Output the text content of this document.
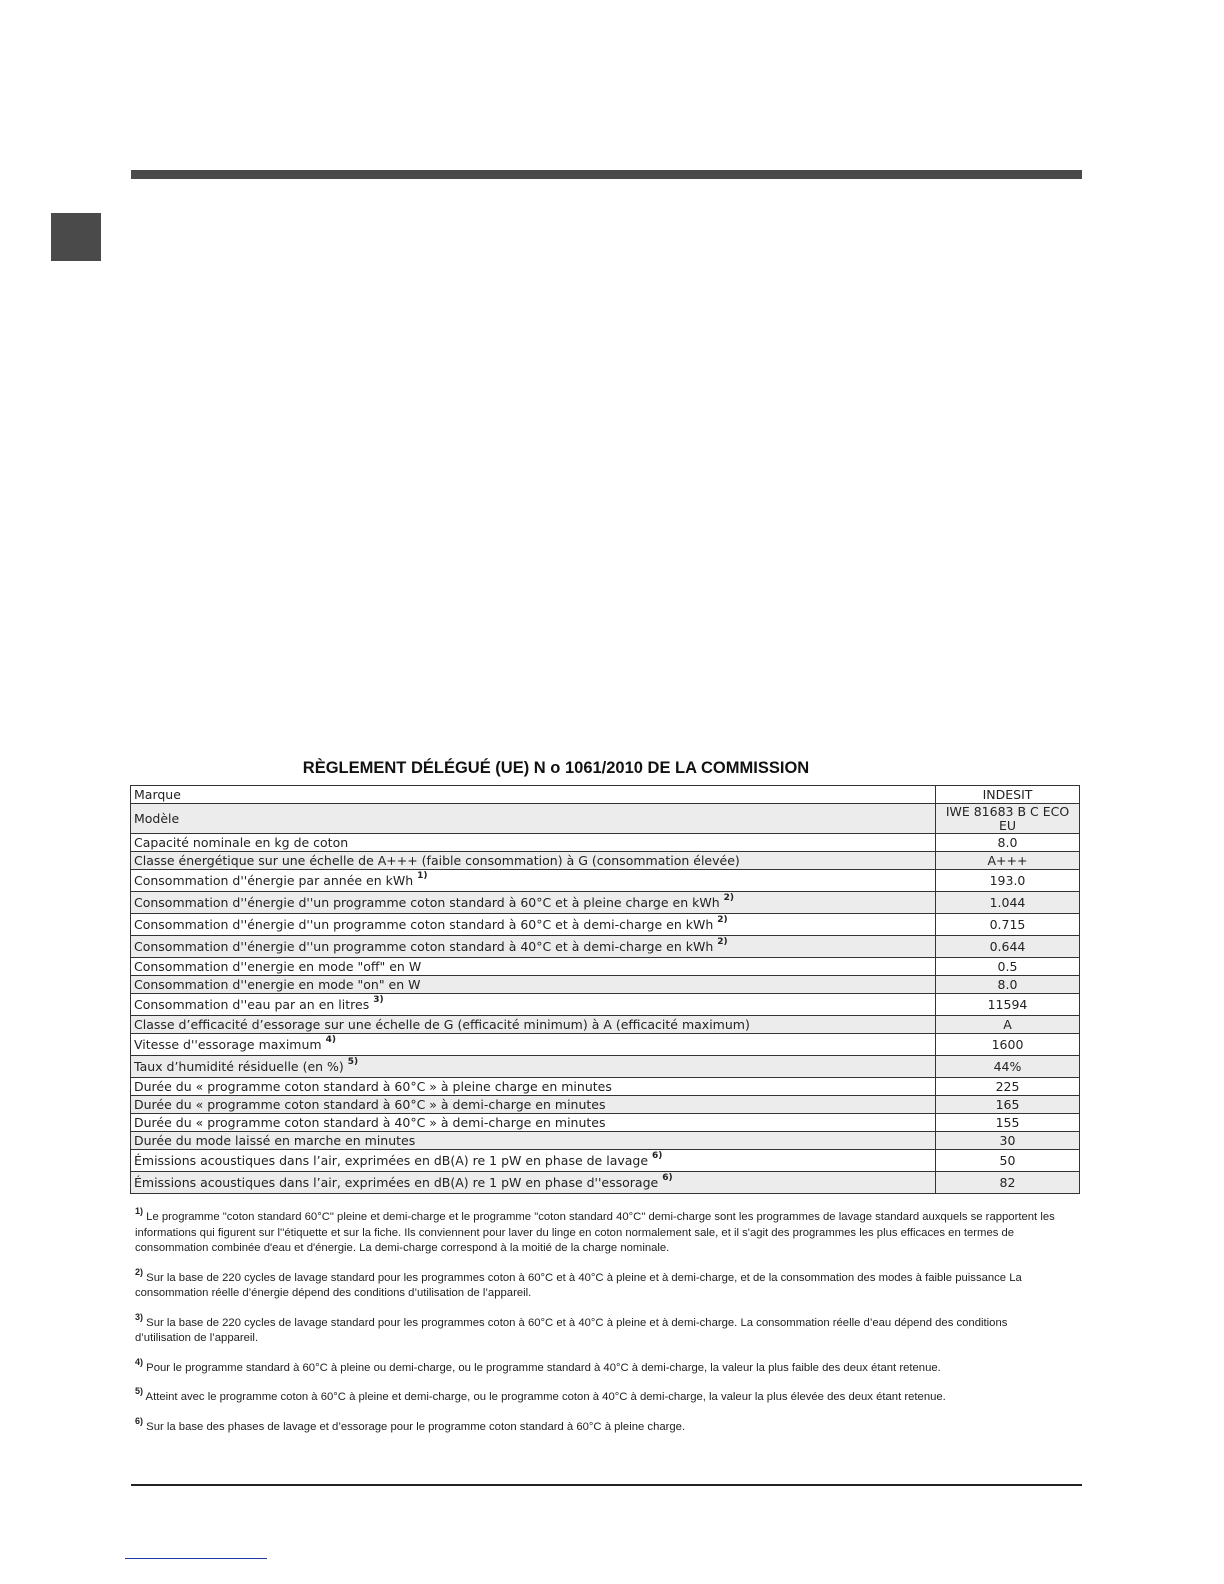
RÈGLEMENT DÉLÉGUÉ (UE) N o 1061/2010 DE LA COMMISSION
Marque	INDESIT
Modèle	IWE 81683 B C ECO EU
Capacité nominale en kg de coton	8.0
Classe énergétique sur une échelle de A+++ (faible consommation) à G (consommation élevée)	A+++
Consommation d''énergie par année en kWh $^{1)}$	193.0
Consommation d''énergie d''un programme coton standard à 60°C et à pleine charge en kWh $^{2)}$	1.044
Consommation d''énergie d''un programme coton standard à 60°C et à demi-charge en kWh $^{2)}$	0.715
Consommation d''énergie d''un programme coton standard à 40°C et à demi-charge en kWh $^{2)}$	0.644
Consommation d''energie en mode "off" en W	0.5
Consommation d''energie en mode "on" en W	8.0
Consommation d''eau par an en litres $^{3)}$	11594
Classe d’efficacité d’essorage sur une échelle de G (efficacité minimum) à A (efficacité maximum)	A
Vitesse d''essorage maximum $^{4)}$	1600
Taux d’humidité résiduelle (en %) $^{5)}$	44%
Durée du « programme coton standard à 60°C » à pleine charge en minutes	225
Durée du « programme coton standard à 60°C » à demi-charge en minutes	165
Durée du « programme coton standard à 40°C » à demi-charge en minutes	155
Durée du mode laissé en marche en minutes	30
Émissions acoustiques dans l’air, exprimées en dB(A) re 1 pW en phase de lavage $^{6)}$	50
Émissions acoustiques dans l’air, exprimées en dB(A) re 1 pW en phase d''essorage $^{6)}$	82

$^{1)}$ Le programme "coton standard 60°C" pleine et demi-charge et le programme "coton standard 40°C" demi-charge sont les programmes de lavage standard auxquels se rapportent les informations qui figurent sur l''étiquette et sur la fiche. Ils conviennent pour laver du linge en coton normalement sale, et il s'agit des programmes les plus efficaces en termes de consommation combinée d'eau et d'énergie. La demi-charge correspond à la moitié de la charge nominale.

$^{2)}$ Sur la base de 220 cycles de lavage standard pour les programmes coton à 60°C et à 40°C à pleine et à demi-charge, et de la consommation des modes à faible puissance La consommation réelle d’énergie dépend des conditions d’utilisation de l’appareil.

$^{3)}$ Sur la base de 220 cycles de lavage standard pour les programmes coton à 60°C et à 40°C à pleine et à demi-charge. La consommation réelle d’eau dépend des conditions d’utilisation de l’appareil.

$^{4)}$ Pour le programme standard à 60°C à pleine ou demi-charge, ou le programme standard à 40°C à demi-charge, la valeur la plus faible des deux étant retenue.

$^{5)}$ Atteint avec le programme coton à 60°C à pleine et demi-charge, ou le programme coton à 40°C à demi-charge, la valeur la plus élevée des deux étant retenue.

$^{6)}$ Sur la base des phases de lavage et d’essorage pour le programme coton standard à 60°C à pleine charge.
